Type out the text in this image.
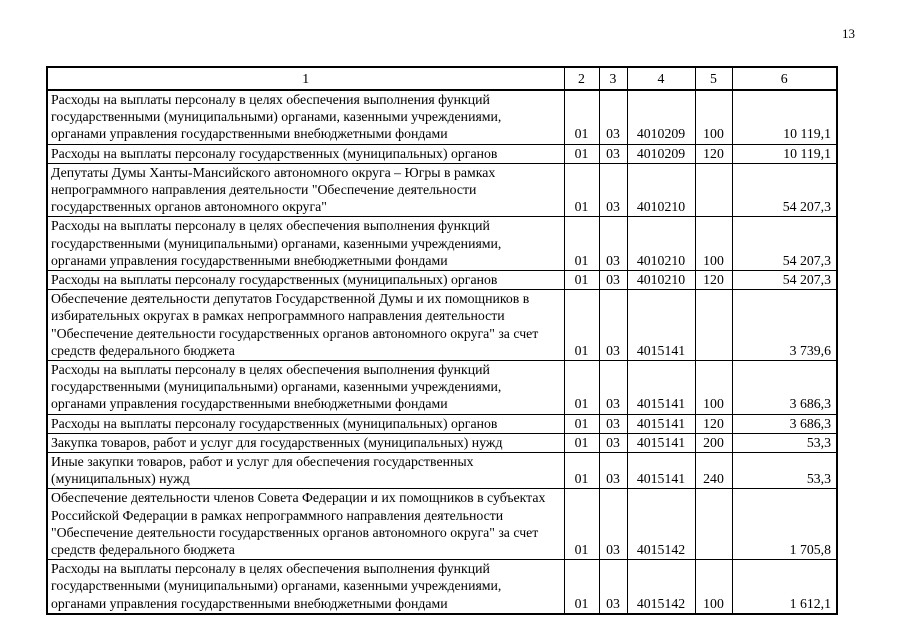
13
1	2	3	4	5	6
Расходы на выплаты персоналу в целях обеспечения выполнения функций государственными (муниципальными) органами, казенными учреждениями, органами управления государственными внебюджетными фондами	01	03	4010209	100	10 119,1
Расходы на выплаты персоналу государственных (муниципальных) органов	01	03	4010209	120	10 119,1
Депутаты Думы Ханты-Мансийского автономного округа – Югры в рамках непрограммного направления деятельности "Обеспечение деятельности государственных органов автономного округа"	01	03	4010210		54 207,3
Расходы на выплаты персоналу в целях обеспечения выполнения функций государственными (муниципальными) органами, казенными учреждениями, органами управления государственными внебюджетными фондами	01	03	4010210	100	54 207,3
Расходы на выплаты персоналу государственных (муниципальных) органов	01	03	4010210	120	54 207,3
Обеспечение деятельности депутатов Государственной Думы и их помощников в избирательных округах в рамках непрограммного направления деятельности "Обеспечение деятельности государственных органов автономного округа" за счет средств федерального бюджета	01	03	4015141		3 739,6
Расходы на выплаты персоналу в целях обеспечения выполнения функций государственными (муниципальными) органами, казенными учреждениями, органами управления государственными внебюджетными фондами	01	03	4015141	100	3 686,3
Расходы на выплаты персоналу государственных (муниципальных) органов	01	03	4015141	120	3 686,3
Закупка товаров, работ и услуг для государственных (муниципальных) нужд	01	03	4015141	200	53,3
Иные закупки товаров, работ и услуг для обеспечения государственных (муниципальных) нужд	01	03	4015141	240	53,3
Обеспечение деятельности членов Совета Федерации и их помощников в субъектах Российской Федерации в рамках непрограммного направления деятельности "Обеспечение деятельности государственных органов автономного округа" за счет средств федерального бюджета	01	03	4015142		1 705,8
Расходы на выплаты персоналу в целях обеспечения выполнения функций государственными (муниципальными) органами, казенными учреждениями, органами управления государственными внебюджетными фондами	01	03	4015142	100	1 612,1
